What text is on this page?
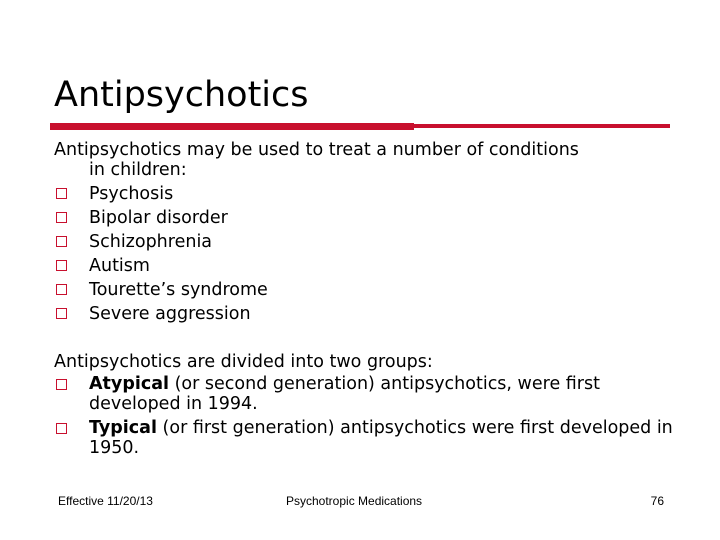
Antipsychotics

Antipsychotics may be used to treat a number of conditions

in children:

Psychosis
Bipolar disorder
Schizophrenia
Autism
Tourette’s syndrome
Severe aggression

Antipsychotics are divided into two groups:

Atypical (or second generation) antipsychotics, were first developed in 1994.
Typical (or first generation) antipsychotics were first developed in 1950.
Effective 11/20/13	Psychotropic Medications	76
